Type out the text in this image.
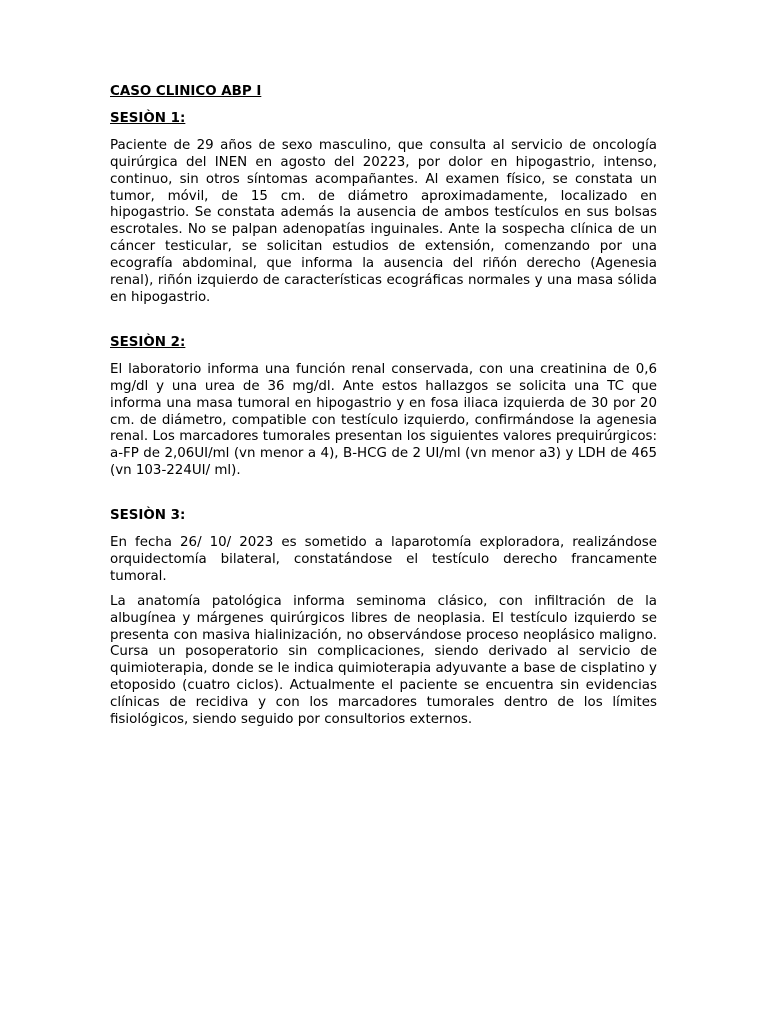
CASO CLINICO ABP I
SESIÒN 1:

Paciente de 29 años de sexo masculino, que consulta al servicio de oncología quirúrgica del INEN en agosto del 20223, por dolor en hipogastrio, intenso, continuo, sin otros síntomas acompañantes. Al examen físico, se constata un tumor, móvil, de 15 cm. de diámetro aproximadamente, localizado en hipogastrio. Se constata además la ausencia de ambos testículos en sus bolsas escrotales. No se palpan adenopatías inguinales. Ante la sospecha clínica de un cáncer testicular, se solicitan estudios de extensión, comenzando por una ecografía abdominal, que informa la ausencia del riñón derecho (Agenesia renal), riñón izquierdo de características ecográficas normales y una masa sólida en hipogastrio.

SESIÒN 2:

El laboratorio informa una función renal conservada, con una creatinina de 0,6 mg/dl y una urea de 36 mg/dl. Ante estos hallazgos se solicita una TC que informa una masa tumoral en hipogastrio y en fosa iliaca izquierda de 30 por 20 cm. de diámetro, compatible con testículo izquierdo, confirmándose la agenesia renal. Los marcadores tumorales presentan los siguientes valores prequirúrgicos: a-FP de 2,06UI/ml (vn menor a 4), B-HCG de 2 UI/ml (vn menor a3) y LDH de 465 (vn 103-224UI/ ml).

SESIÒN 3:

En fecha 26/ 10/ 2023 es sometido a laparotomía exploradora, realizándose orquidectomía bilateral, constatándose el testículo derecho francamente tumoral.

La anatomía patológica informa seminoma clásico, con infiltración de la albugínea y márgenes quirúrgicos libres de neoplasia. El testículo izquierdo se presenta con masiva hialinización, no observándose proceso neoplásico maligno. Cursa un posoperatorio sin complicaciones, siendo derivado al servicio de quimioterapia, donde se le indica quimioterapia adyuvante a base de cisplatino y etoposido (cuatro ciclos). Actualmente el paciente se encuentra sin evidencias clínicas de recidiva y con los marcadores tumorales dentro de los límites fisiológicos, siendo seguido por consultorios externos.
